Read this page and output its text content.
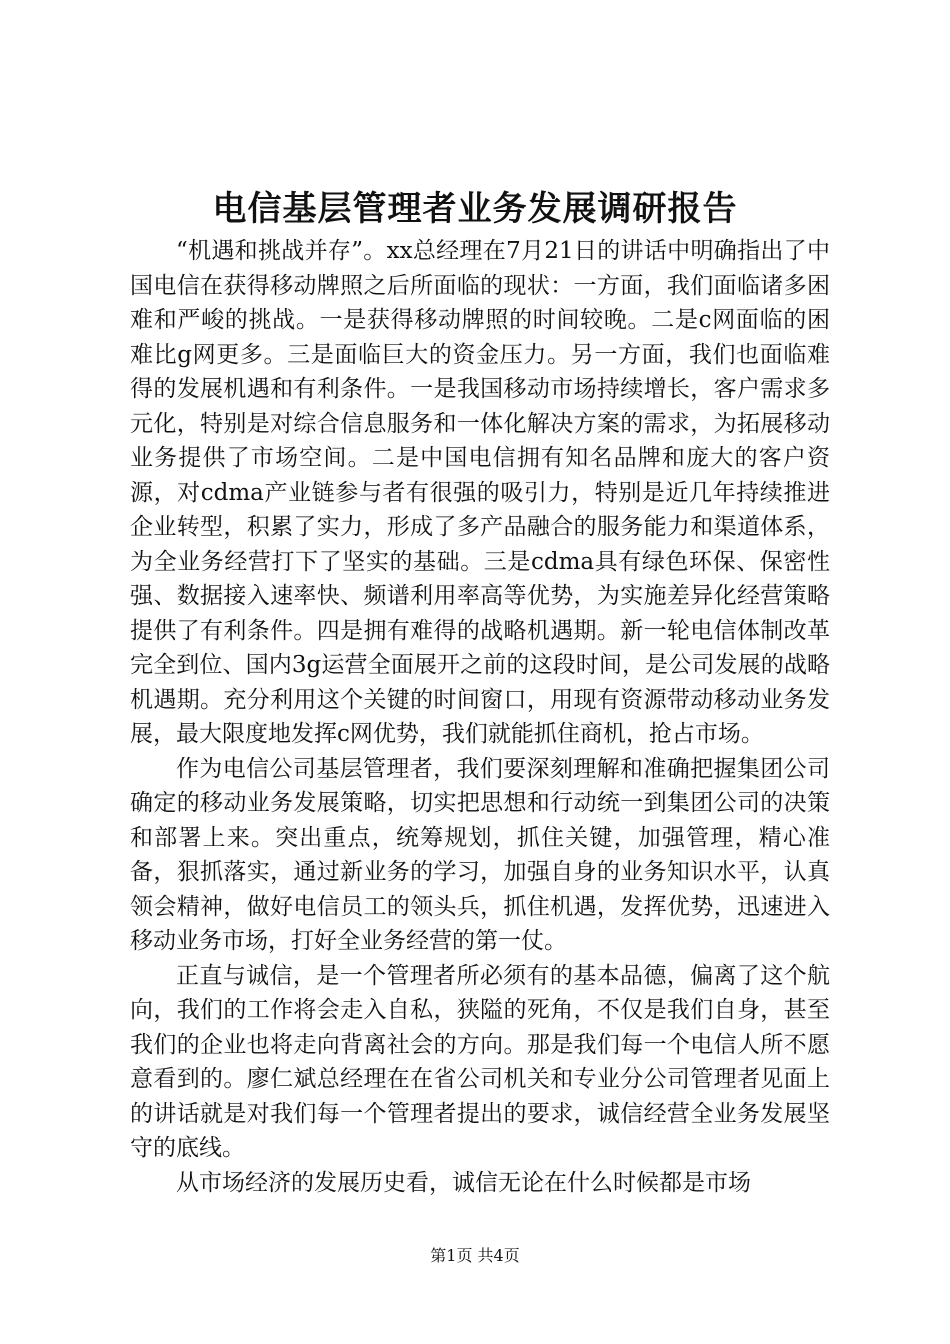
电信基层管理者业务发展调研报告

“机遇和挑战并存”。xx总经理在7月21日的讲话中明确指出了中国电信在获得移动牌照之后所面临的现状：一方面，我们面临诸多困难和严峻的挑战。一是获得移动牌照的时间较晚。二是c网面临的困难比g网更多。三是面临巨大的资金压力。另一方面，我们也面临难得的发展机遇和有利条件。一是我国移动市场持续增长，客户需求多元化，特别是对综合信息服务和一体化解决方案的需求，为拓展移动业务提供了市场空间。二是中国电信拥有知名品牌和庞大的客户资源，对cdma产业链参与者有很强的吸引力，特别是近几年持续推进企业转型，积累了实力，形成了多产品融合的服务能力和渠道体系，为全业务经营打下了坚实的基础。三是cdma具有绿色环保、保密性强、数据接入速率快、频谱利用率高等优势，为实施差异化经营策略提供了有利条件。四是拥有难得的战略机遇期。新一轮电信体制改革完全到位、国内3g运营全面展开之前的这段时间，是公司发展的战略机遇期。充分利用这个关键的时间窗口，用现有资源带动移动业务发展，最大限度地发挥c网优势，我们就能抓住商机，抢占市场。

作为电信公司基层管理者，我们要深刻理解和准确把握集团公司确定的移动业务发展策略，切实把思想和行动统一到集团公司的决策和部署上来。突出重点，统筹规划，抓住关键，加强管理，精心准备，狠抓落实，通过新业务的学习，加强自身的业务知识水平，认真领会精神，做好电信员工的领头兵，抓住机遇，发挥优势，迅速进入移动业务市场，打好全业务经营的第一仗。

正直与诚信，是一个管理者所必须有的基本品德，偏离了这个航向，我们的工作将会走入自私，狭隘的死角，不仅是我们自身，甚至我们的企业也将走向背离社会的方向。那是我们每一个电信人所不愿意看到的。廖仁斌总经理在在省公司机关和专业分公司管理者见面上的讲话就是对我们每一个管理者提出的要求，诚信经营全业务发展坚守的底线。

从市场经济的发展历史看，诚信无论在什么时候都是市场

第1页 共4页
